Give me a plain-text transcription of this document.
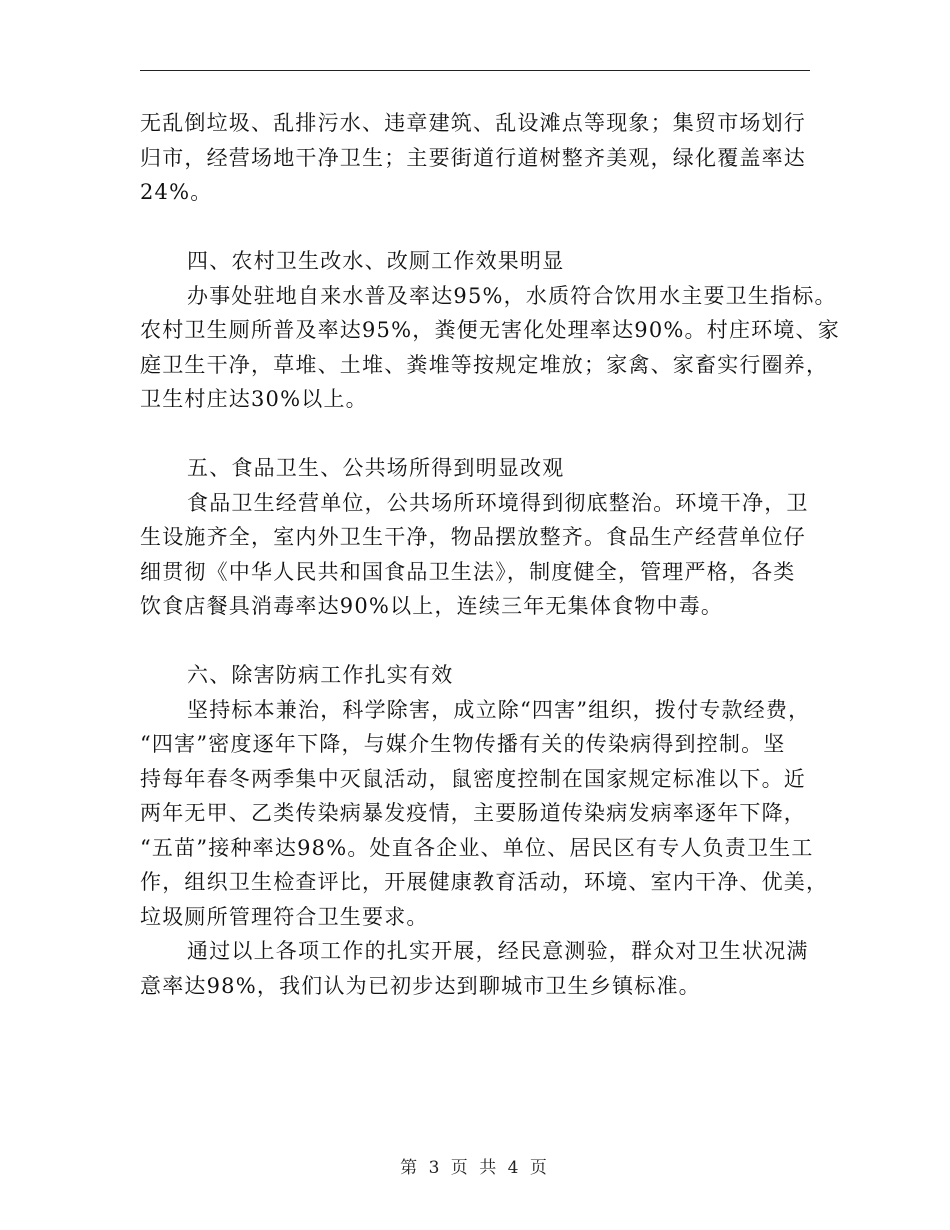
无乱倒垃圾、乱排污水、违章建筑、乱设滩点等现象；集贸市场划行

归市，经营场地干净卫生；主要街道行道树整齐美观，绿化覆盖率达

24%。

四、农村卫生改水、改厕工作效果明显

办事处驻地自来水普及率达95%，水质符合饮用水主要卫生指标。

农村卫生厕所普及率达95%，粪便无害化处理率达90%。村庄环境、家

庭卫生干净，草堆、土堆、粪堆等按规定堆放；家禽、家畜实行圈养，

卫生村庄达30%以上。

五、食品卫生、公共场所得到明显改观

食品卫生经营单位，公共场所环境得到彻底整治。环境干净，卫

生设施齐全，室内外卫生干净，物品摆放整齐。食品生产经营单位仔

细贯彻《中华人民共和国食品卫生法》，制度健全，管理严格，各类

饮食店餐具消毒率达90%以上，连续三年无集体食物中毒。

六、除害防病工作扎实有效

坚持标本兼治，科学除害，成立除“四害”组织，拨付专款经费，

“四害”密度逐年下降，与媒介生物传播有关的传染病得到控制。坚

持每年春冬两季集中灭鼠活动，鼠密度控制在国家规定标准以下。近

两年无甲、乙类传染病暴发疫情，主要肠道传染病发病率逐年下降，

“五苗”接种率达98%。处直各企业、单位、居民区有专人负责卫生工

作，组织卫生检查评比，开展健康教育活动，环境、室内干净、优美，

垃圾厕所管理符合卫生要求。

通过以上各项工作的扎实开展，经民意测验，群众对卫生状况满

意率达98%，我们认为已初步达到聊城市卫生乡镇标准。

第 3 页 共 4 页
